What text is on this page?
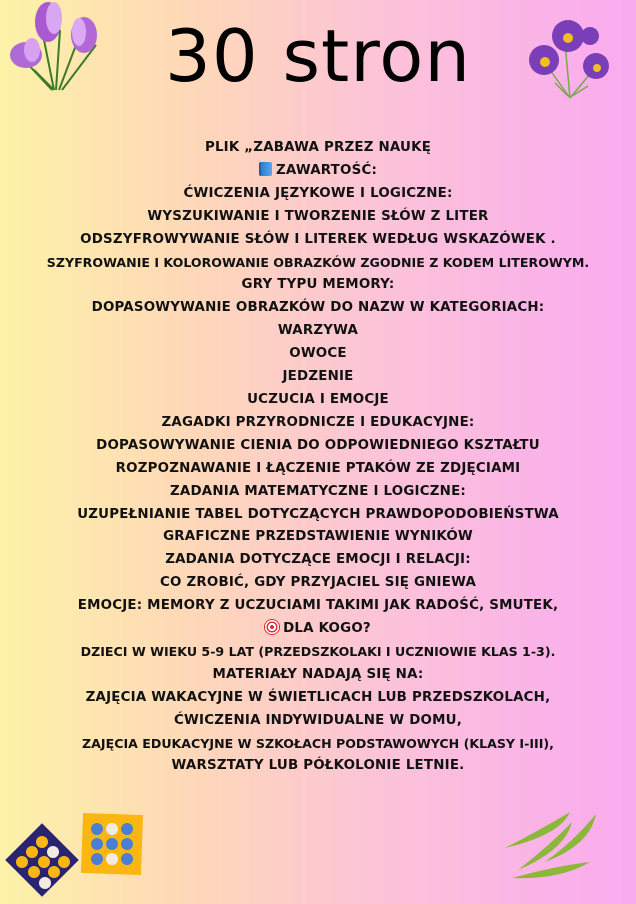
30 stron
PLIK „ZABAWA PRZEZ NAUKĘ
ZAWARTOŚĆ:
ĆWICZENIA JĘZYKOWE I LOGICZNE:
WYSZUKIWANIE I TWORZENIE SŁÓW Z LITER
ODSZYFROWYWANIE SŁÓW I LITEREK WEDŁUG WSKAZÓWEK .
SZYFROWANIE I KOLOROWANIE OBRAZKÓW ZGODNIE Z KODEM LITEROWYM.
GRY TYPU MEMORY:
DOPASOWYWANIE OBRAZKÓW DO NAZW W KATEGORIACH:
WARZYWA
OWOCE
JEDZENIE
UCZUCIA I EMOCJE
ZAGADKI PRZYRODNICZE I EDUKACYJNE:
DOPASOWYWANIE CIENIA DO ODPOWIEDNIEGO KSZTAŁTU
ROZPOZNAWANIE I ŁĄCZENIE PTAKÓW ZE ZDJĘCIAMI
ZADANIA MATEMATYCZNE I LOGICZNE:
UZUPEŁNIANIE TABEL DOTYCZĄCYCH PRAWDOPODOBIEŃSTWA
GRAFICZNE PRZEDSTAWIENIE WYNIKÓW
ZADANIA DOTYCZĄCE EMOCJI I RELACJI:
CO ZROBIĆ, GDY PRZYJACIEL SIĘ GNIEWA
EMOCJE: MEMORY Z UCZUCIAMI TAKIMI JAK RADOŚĆ, SMUTEK,
DLA KOGO?
DZIECI W WIEKU 5-9 LAT (PRZEDSZKOLAKI I UCZNIOWIE KLAS 1-3).
MATERIAŁY NADAJĄ SIĘ NA:
ZAJĘCIA WAKACYJNE W ŚWIETLICACH LUB PRZEDSZKOLACH,
ĆWICZENIA INDYWIDUALNE W DOMU,
ZAJĘCIA EDUKACYJNE W SZKOŁACH PODSTAWOWYCH (KLASY I-III),
WARSZTATY LUB PÓŁKOLONIE LETNIE.
